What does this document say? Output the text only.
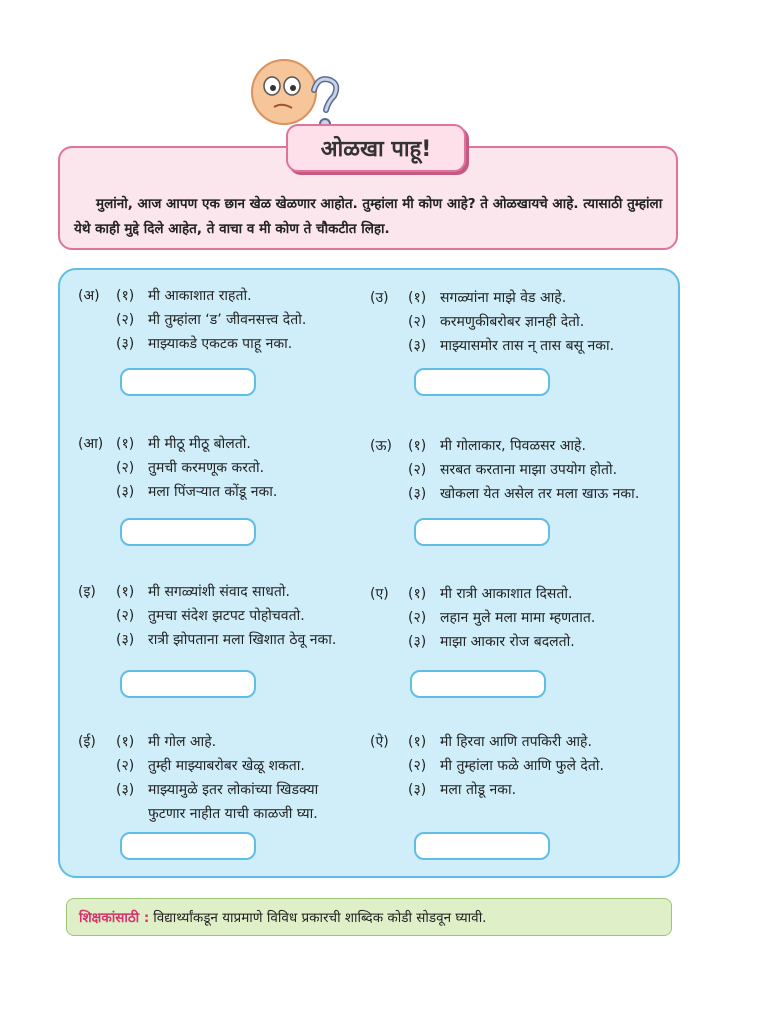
ओळखा पाहू!
मुलांनो, आज आपण एक छान खेळ खेळणार आहोत. तुम्हांला मी कोण आहे? ते ओळखायचे आहे. त्यासाठी तुम्हांला येथे काही मुद्दे दिले आहेत, ते वाचा व मी कोण ते चौकटीत लिहा.
(अ) (१) मी आकाशात राहतो.
(२) मी तुम्हांला ‘ड’ जीवनसत्त्व देतो.
(३) माझ्याकडे एकटक पाहू नका.
(उ) (१) सगळ्यांना माझे वेड आहे.
(२) करमणुकीबरोबर ज्ञानही देतो.
(३) माझ्यासमोर तास न् तास बसू नका.
(आ) (१) मी मीठू मीठू बोलतो.
(२) तुमची करमणूक करतो.
(३) मला पिंजऱ्यात कोंडू नका.
(ऊ) (१) मी गोलाकार, पिवळसर आहे.
(२) सरबत करताना माझा उपयोग होतो.
(३) खोकला येत असेल तर मला खाऊ नका.
(इ) (१) मी सगळ्यांशी संवाद साधतो.
(२) तुमचा संदेश झटपट पोहोचवतो.
(३) रात्री झोपताना मला खिशात ठेवू नका.
(ए) (१) मी रात्री आकाशात दिसतो.
(२) लहान मुले मला मामा म्हणतात.
(३) माझा आकार रोज बदलतो.
(ई) (१) मी गोल आहे.
(२) तुम्ही माझ्याबरोबर खेळू शकता.
(३) माझ्यामुळे इतर लोकांच्या खिडक्या
फुटणार नाहीत याची काळजी घ्या.
(ऐ) (१) मी हिरवा आणि तपकिरी आहे.
(२) मी तुम्हांला फळे आणि फुले देतो.
(३) मला तोडू नका.
शिक्षकांसाठी : विद्यार्थ्यांकडून याप्रमाणे विविध प्रकारची शाब्दिक कोडी सोडवून घ्यावी.
